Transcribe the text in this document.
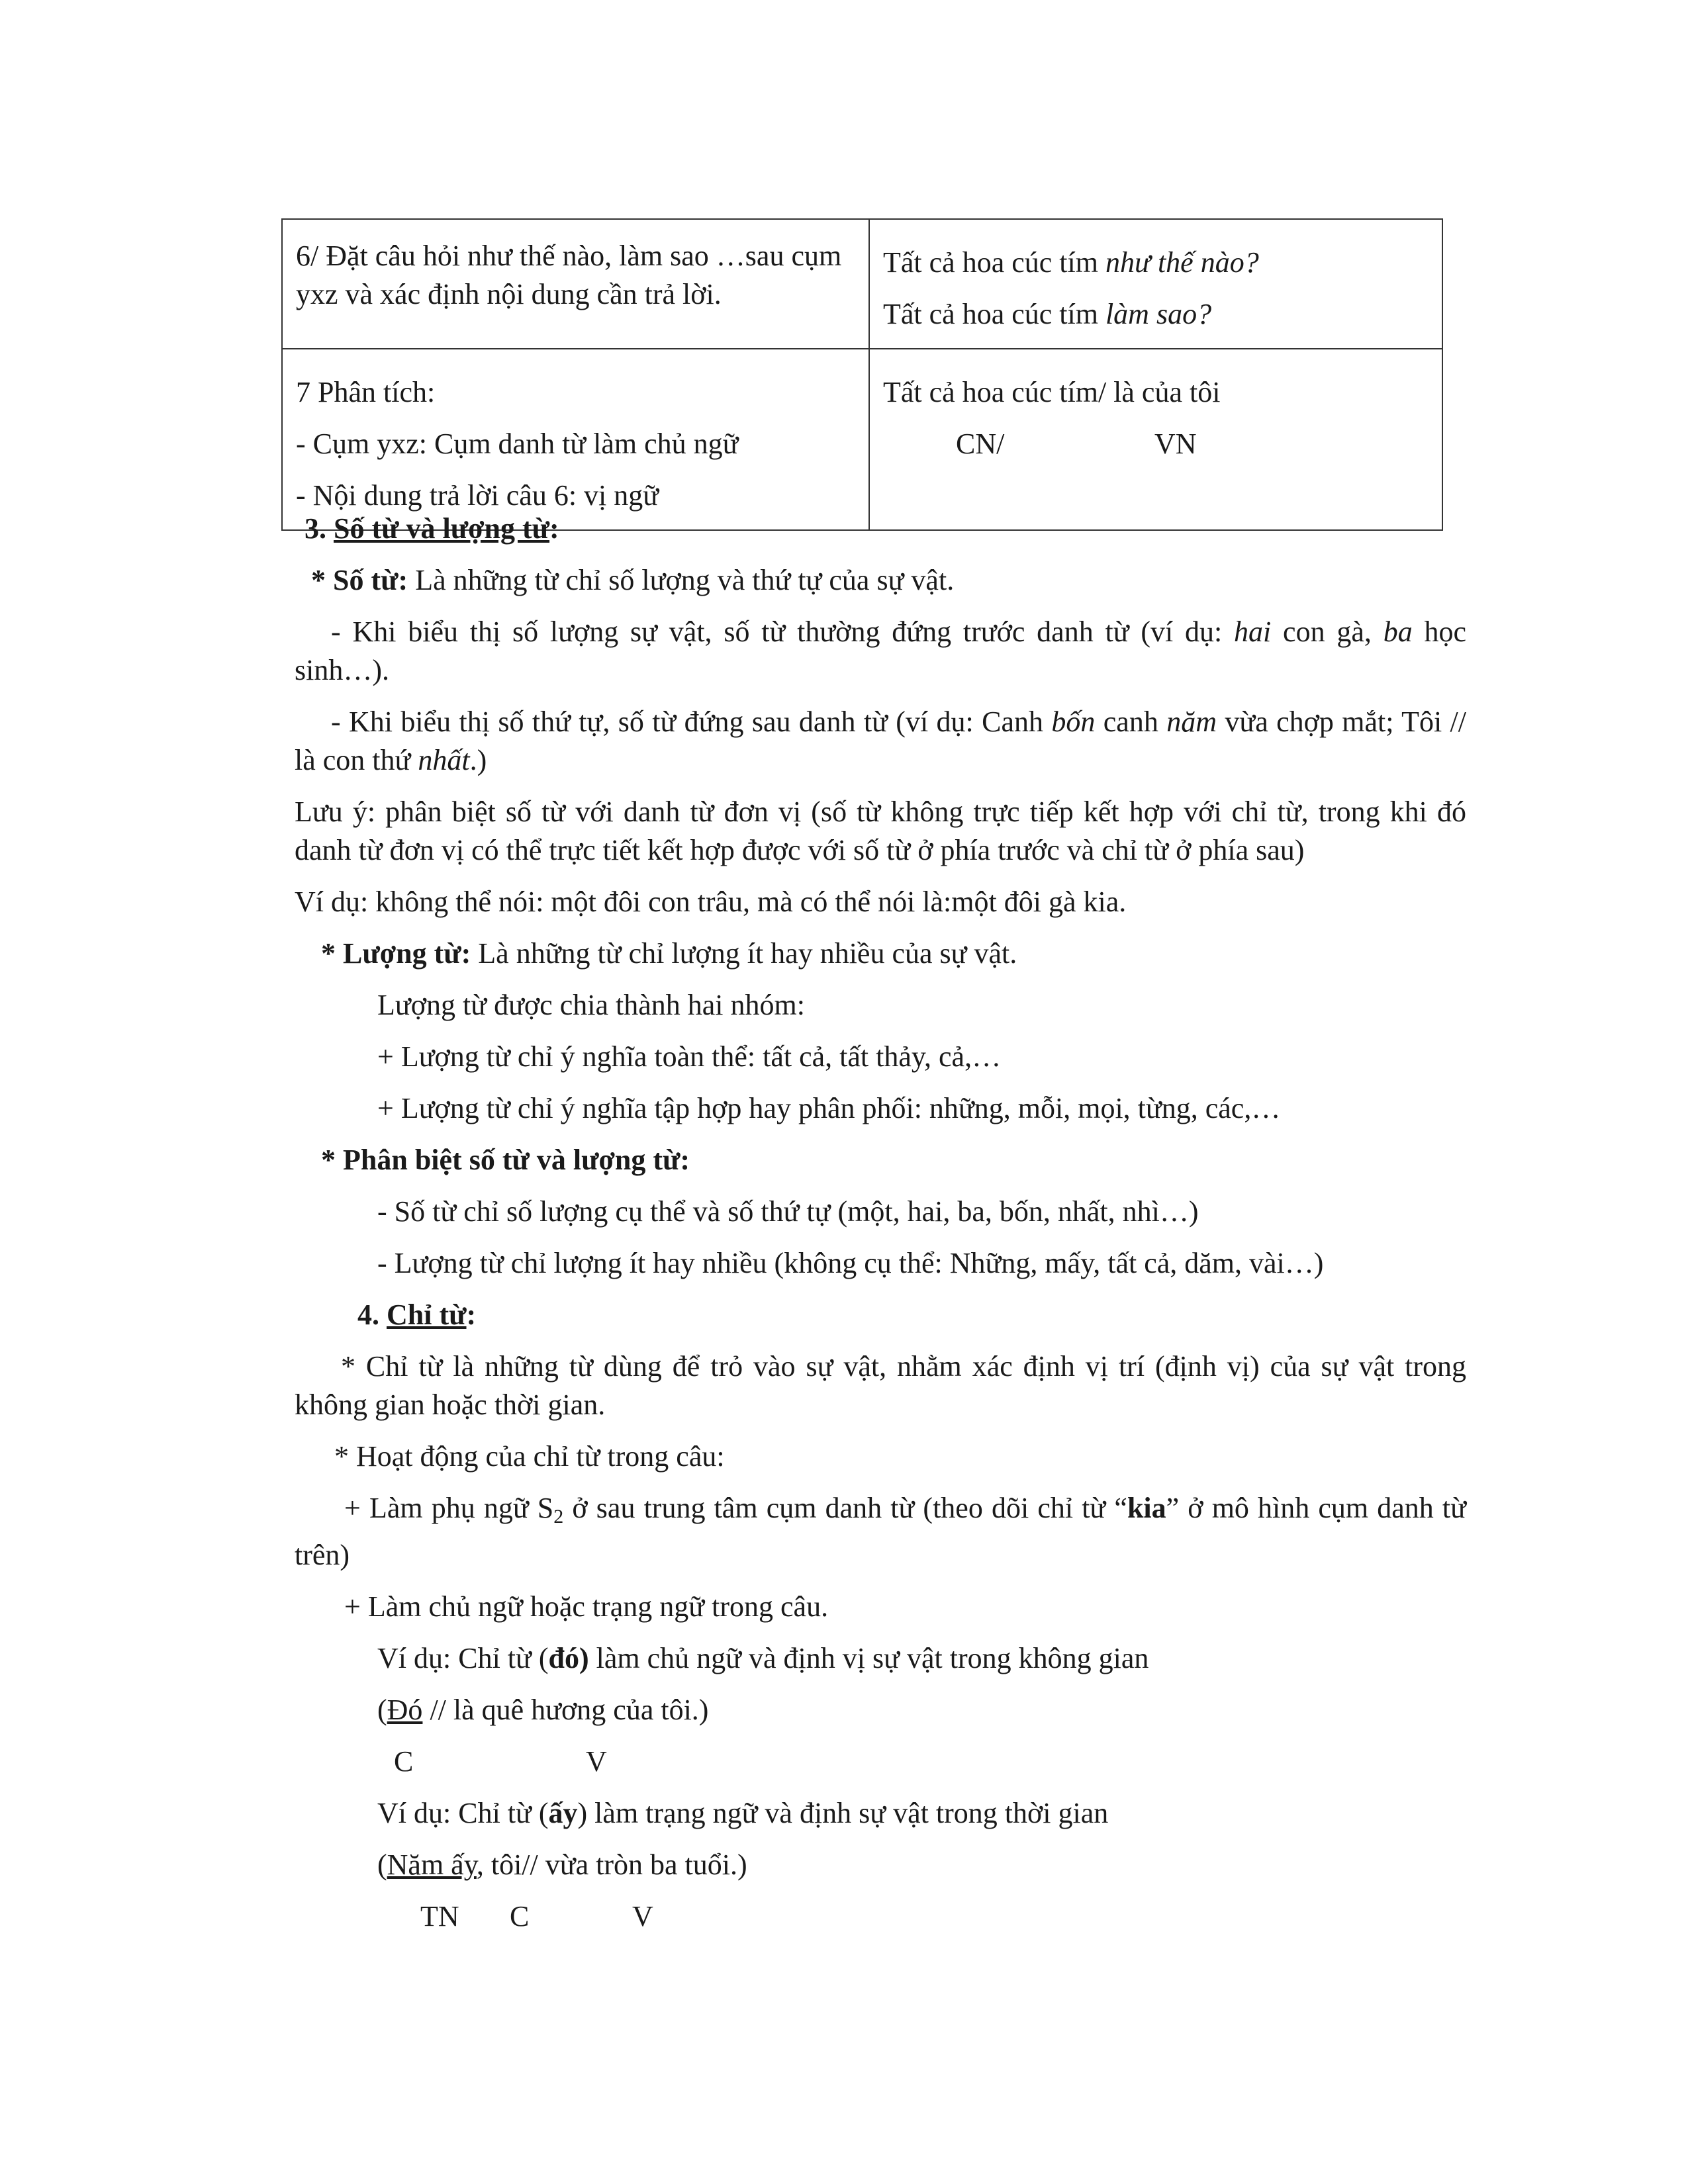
6/ Đặt câu hỏi như thế nào, làm sao …sau cụm yxz và xác định nội dung cần trả lời.	Tất cả hoa cúc tím như thế nào?
Tất cả hoa cúc tím làm sao?

7 Phân tích:
- Cụm yxz: Cụm danh từ làm chủ ngữ
- Nội dung trả lời câu 6: vị ngữ	Tất cả hoa cúc tím/ là của tôi
CN/ VN
3. Số từ và lượng từ:
* Số từ: Là những từ chỉ số lượng và thứ tự của sự vật.
- Khi biểu thị số lượng sự vật, số từ thường đứng trước danh từ (ví dụ: hai con gà, ba học sinh…).
- Khi biểu thị số thứ tự, số từ đứng sau danh từ (ví dụ: Canh bốn canh năm vừa chợp mắt; Tôi // là con thứ nhất.)
Lưu ý: phân biệt số từ với danh từ đơn vị (số từ không trực tiếp kết hợp với chỉ từ, trong khi đó danh từ đơn vị có thể trực tiết kết hợp được với số từ ở phía trước và chỉ từ ở phía sau)
Ví dụ: không thể nói: một đôi con trâu, mà có thể nói là:một đôi gà kia.
* Lượng từ: Là những từ chỉ lượng ít hay nhiều của sự vật.
Lượng từ được chia thành hai nhóm:
+ Lượng từ chỉ ý nghĩa toàn thể: tất cả, tất thảy, cả,…
+ Lượng từ chỉ ý nghĩa tập hợp hay phân phối: những, mỗi, mọi, từng, các,…
* Phân biệt số từ và lượng từ:
- Số từ chỉ số lượng cụ thể và số thứ tự (một, hai, ba, bốn, nhất, nhì…)
- Lượng từ chỉ lượng ít hay nhiều (không cụ thể: Những, mấy, tất cả, dăm, vài…)
4. Chỉ từ:
* Chỉ từ là những từ dùng để trỏ vào sự vật, nhằm xác định vị trí (định vị) của sự vật trong không gian hoặc thời gian.
* Hoạt động của chỉ từ trong câu:
+ Làm phụ ngữ $S_2$ ở sau trung tâm cụm danh từ (theo dõi chỉ từ “kia” ở mô hình cụm danh từ trên)
+ Làm chủ ngữ hoặc trạng ngữ trong câu.
Ví dụ: Chỉ từ (đó) làm chủ ngữ và định vị sự vật trong không gian
(Đó // là quê hương của tôi.)
C	V
Ví dụ: Chỉ từ (ấy) làm trạng ngữ và định sự vật trong thời gian
(Năm ấy, tôi// vừa tròn ba tuổi.)
TN C	V
